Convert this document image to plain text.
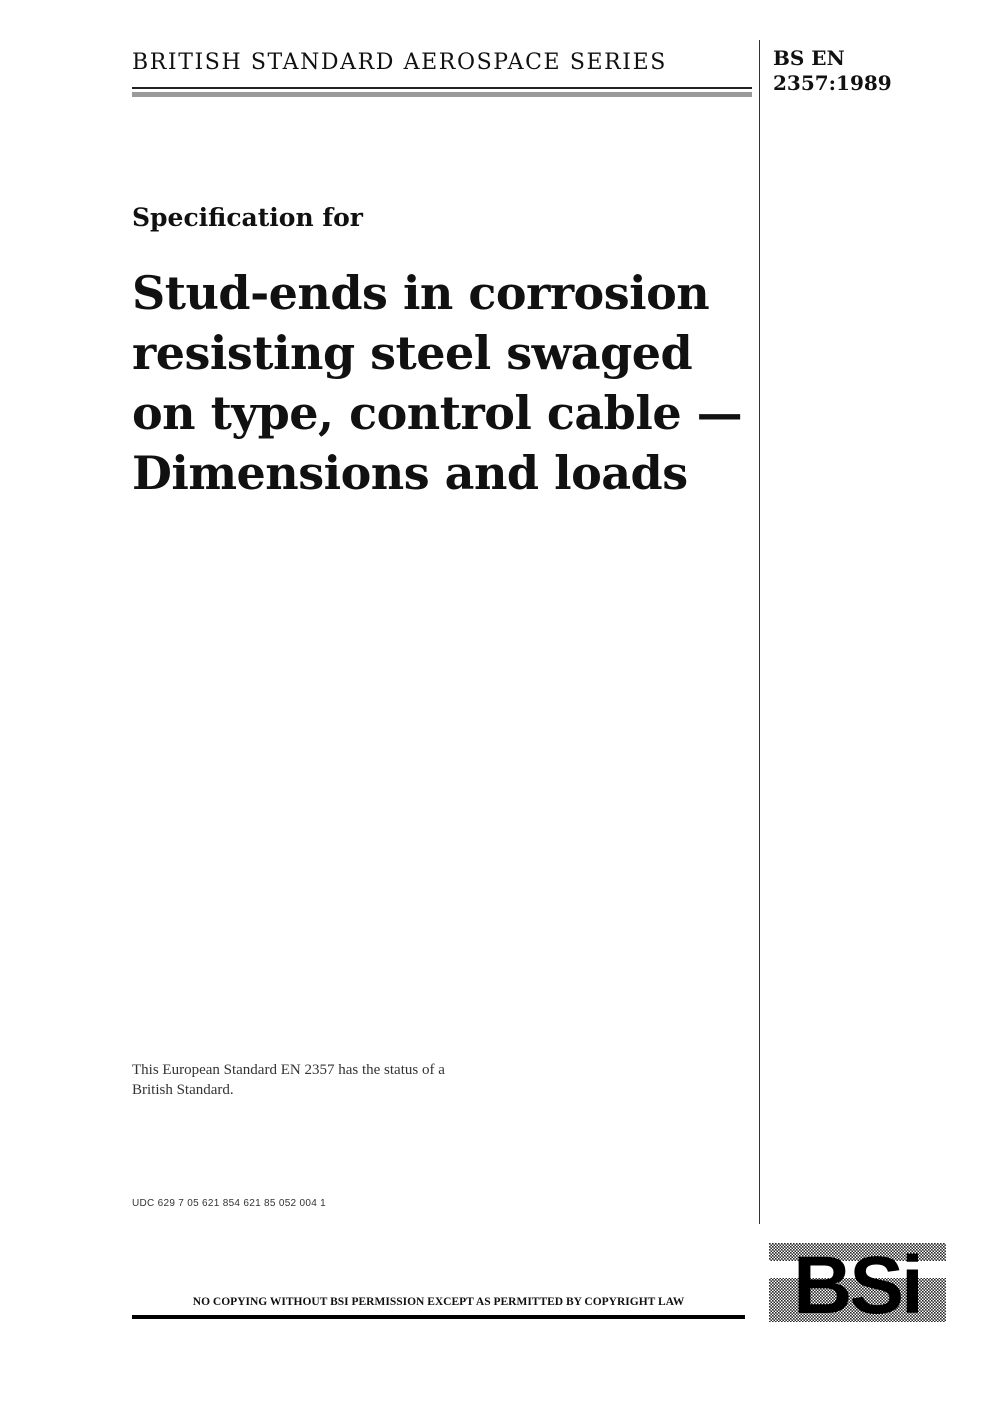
BRITISH STANDARD AEROSPACE SERIES	BS EN
2357:1989
Specification for
Stud-ends in corrosion
resisting steel swaged
on type, control cable —
Dimensions and loads
This European Standard EN 2357 has the status of a
British Standard.
UDC 629 7 05 621 854 621 85 052 004 1
NO COPYING WITHOUT BSI PERMISSION EXCEPT AS PERMITTED BY COPYRIGHT LAW	BSi
